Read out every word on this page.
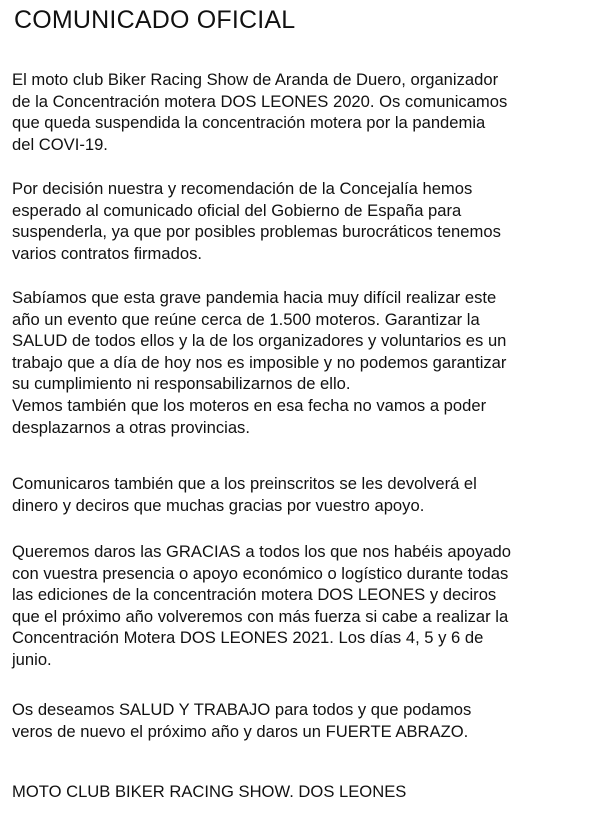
COMUNICADO OFICIAL

El moto club Biker Racing Show de Aranda de Duero, organizador
de la Concentración motera DOS LEONES 2020. Os comunicamos
que queda suspendida la concentración motera por la pandemia
del COVI-19.

Por decisión nuestra y recomendación de la Concejalía hemos
esperado al comunicado oficial del Gobierno de España para
suspenderla, ya que por posibles problemas burocráticos tenemos
varios contratos firmados.

Sabíamos que esta grave pandemia hacia muy difícil realizar este
año un evento que reúne cerca de 1.500 moteros. Garantizar la
SALUD de todos ellos y la de los organizadores y voluntarios es un
trabajo que a día de hoy nos es imposible y no podemos garantizar
su cumplimiento ni responsabilizarnos de ello.
Vemos también que los moteros en esa fecha no vamos a poder
desplazarnos a otras provincias.

Comunicaros también que a los preinscritos se les devolverá el
dinero y deciros que muchas gracias por vuestro apoyo.

Queremos daros las GRACIAS a todos los que nos habéis apoyado
con vuestra presencia o apoyo económico o logístico durante todas
las ediciones de la concentración motera DOS LEONES y deciros
que el próximo año volveremos con más fuerza si cabe a realizar la
Concentración Motera DOS LEONES 2021. Los días 4, 5 y 6 de
junio.

Os deseamos SALUD Y TRABAJO para todos y que podamos
veros de nuevo el próximo año y daros un FUERTE ABRAZO.

MOTO CLUB BIKER RACING SHOW. DOS LEONES
